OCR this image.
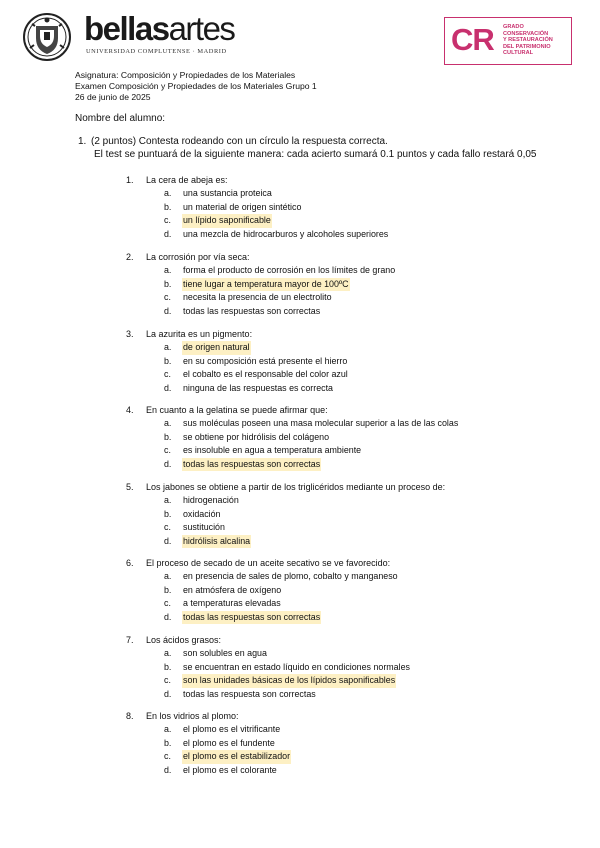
bellasartes
UNIVERSIDAD COMPLUTENSE · MADRID	CR GRADO
CONSERVACIÓN
Y RESTAURACIÓN
DEL PATRIMONIO
CULTURAL
Asignatura: Composición y Propiedades de los Materiales
Examen Composición y Propiedades de los Materiales Grupo 1
26 de junio de 2025
Nombre del alumno:
1. (2 puntos) Contesta rodeando con un círculo la respuesta correcta.
El test se puntuará de la siguiente manera: cada acierto sumará 0.1 puntos y cada fallo restará 0,05
1. La cera de abeja es:
a. una sustancia proteica
b. un material de origen sintético
c. un lípido saponificable
d. una mezcla de hidrocarburos y alcoholes superiores
2. La corrosión por vía seca:
a. forma el producto de corrosión en los límites de grano
b. tiene lugar a temperatura mayor de 100ºC
c. necesita la presencia de un electrolito
d. todas las respuestas son correctas
3. La azurita es un pigmento:
a. de origen natural
b. en su composición está presente el hierro
c. el cobalto es el responsable del color azul
d. ninguna de las respuestas es correcta
4. En cuanto a la gelatina se puede afirmar que:
a. sus moléculas poseen una masa molecular superior a las de las colas
b. se obtiene por hidrólisis del colágeno
c. es insoluble en agua a temperatura ambiente
d. todas las respuestas son correctas
5. Los jabones se obtiene a partir de los triglicéridos mediante un proceso de:
a. hidrogenación
b. oxidación
c. sustitución
d. hidrólisis alcalina
6. El proceso de secado de un aceite secativo se ve favorecido:
a. en presencia de sales de plomo, cobalto y manganeso
b. en atmósfera de oxígeno
c. a temperaturas elevadas
d. todas las respuestas son correctas
7. Los ácidos grasos:
a. son solubles en agua
b. se encuentran en estado líquido en condiciones normales
c. son las unidades básicas de los lípidos saponificables
d. todas las respuesta son correctas
8. En los vidrios al plomo:
a. el plomo es el vitrificante
b. el plomo es el fundente
c. el plomo es el estabilizador
d. el plomo es el colorante
